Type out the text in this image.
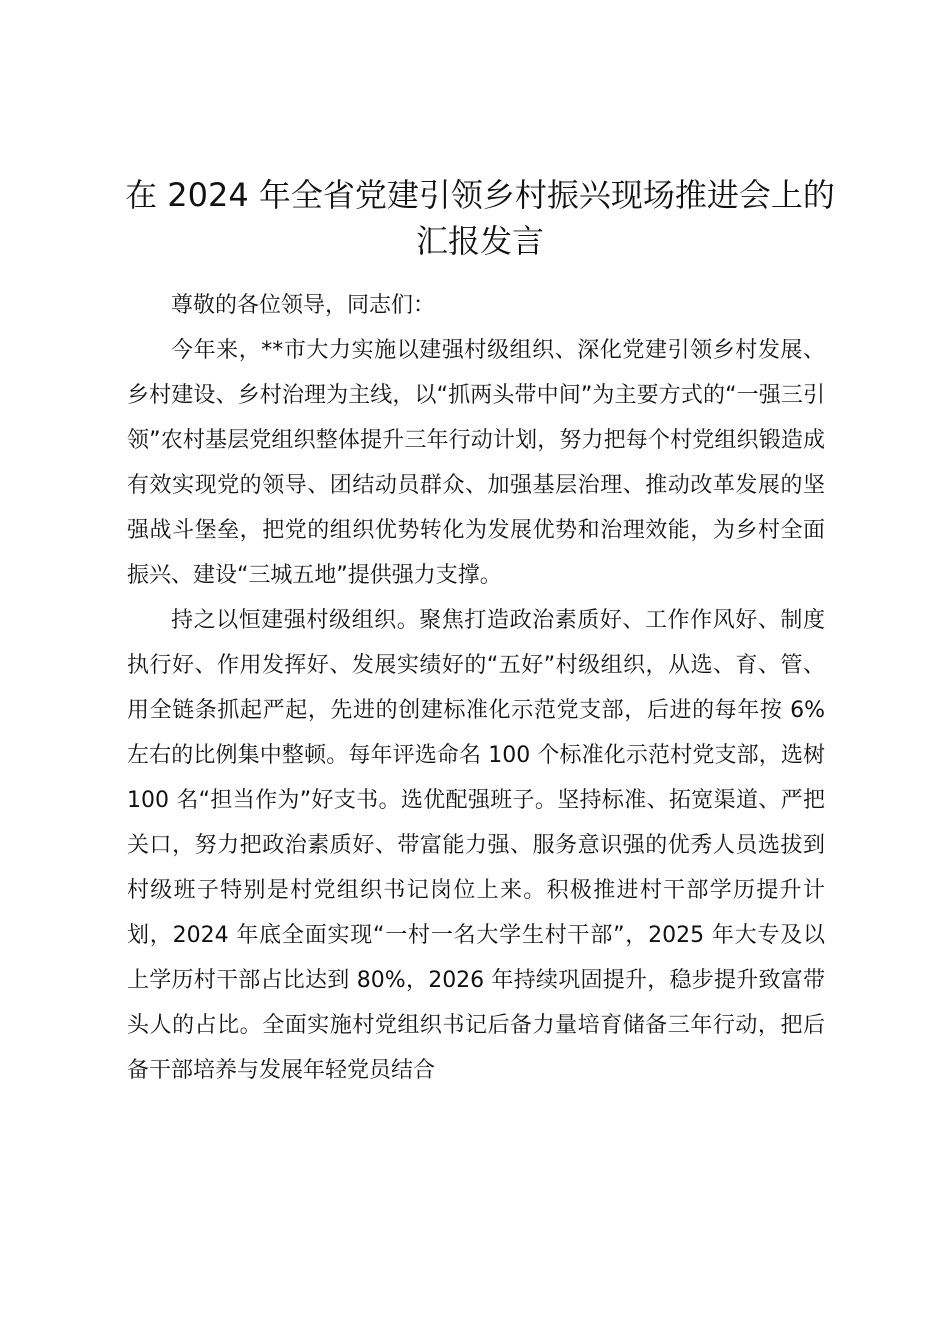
在 2024 年全省党建引领乡村振兴现场推进会上的汇报发言

尊敬的各位领导，同志们：

今年来，**市大力实施以建强村级组织、深化党建引领乡村发展、乡村建设、乡村治理为主线，以“抓两头带中间”为主要方式的“一强三引领”农村基层党组织整体提升三年行动计划，努力把每个村党组织锻造成有效实现党的领导、团结动员群众、加强基层治理、推动改革发展的坚强战斗堡垒，把党的组织优势转化为发展优势和治理效能，为乡村全面振兴、建设“三城五地”提供强力支撑。

持之以恒建强村级组织。聚焦打造政治素质好、工作作风好、制度执行好、作用发挥好、发展实绩好的“五好”村级组织，从选、育、管、用全链条抓起严起，先进的创建标准化示范党支部，后进的每年按 6%左右的比例集中整顿。每年评选命名 100 个标准化示范村党支部，选树 100 名“担当作为”好支书。选优配强班子。坚持标准、拓宽渠道、严把关口，努力把政治素质好、带富能力强、服务意识强的优秀人员选拔到村级班子特别是村党组织书记岗位上来。积极推进村干部学历提升计划，2024 年底全面实现“一村一名大学生村干部”，2025 年大专及以上学历村干部占比达到 80%，2026 年持续巩固提升，稳步提升致富带头人的占比。全面实施村党组织书记后备力量培育储备三年行动，把后备干部培养与发展年轻党员结合
